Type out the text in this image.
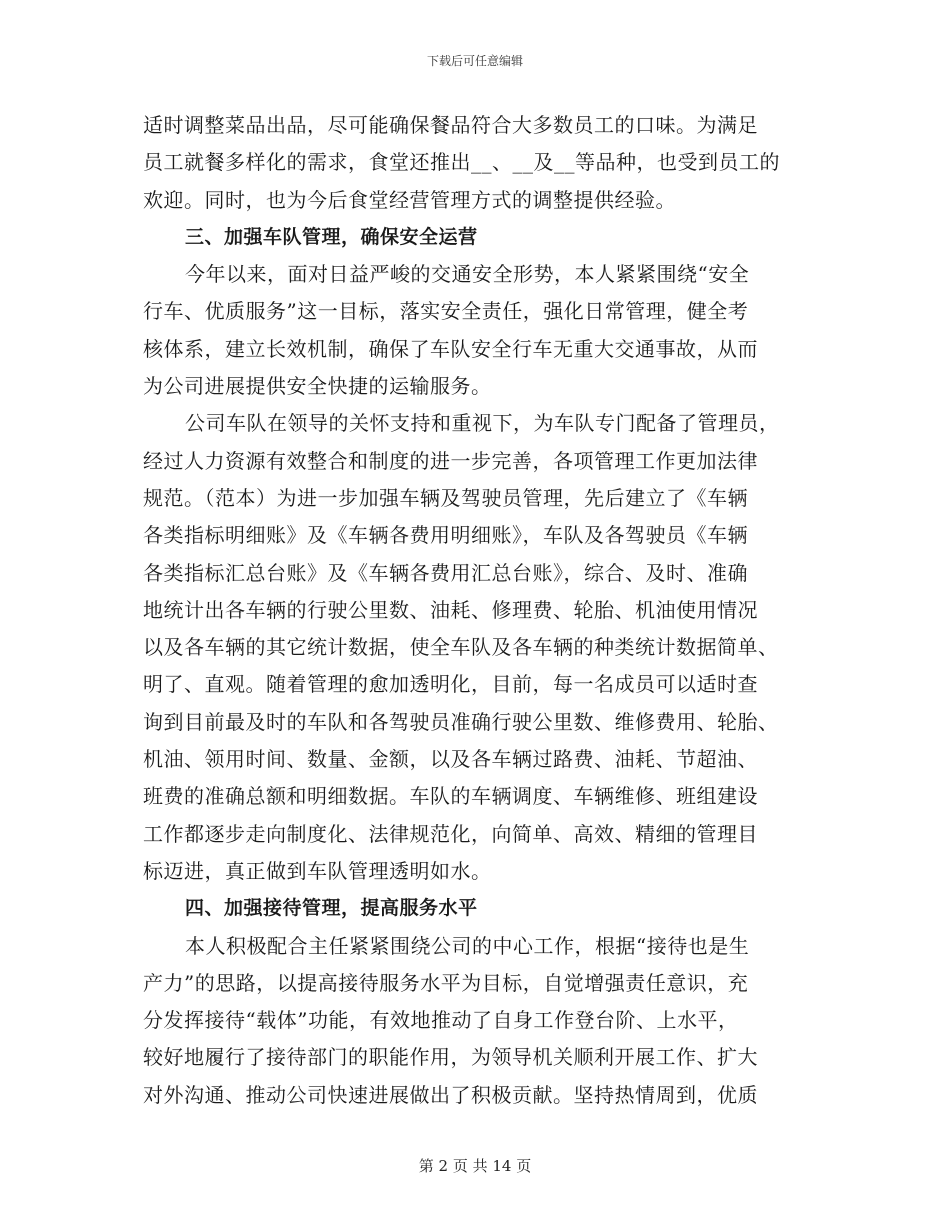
下载后可任意编辑
适时调整菜品出品，尽可能确保餐品符合大多数员工的口味。为满足
员工就餐多样化的需求，食堂还推出__、__及__等品种，也受到员工的
欢迎。同时，也为今后食堂经营管理方式的调整提供经验。
三、加强车队管理，确保安全运营
今年以来，面对日益严峻的交通安全形势，本人紧紧围绕“安全
行车、优质服务”这一目标，落实安全责任，强化日常管理，健全考
核体系，建立长效机制，确保了车队安全行车无重大交通事故，从而
为公司进展提供安全快捷的运输服务。
公司车队在领导的关怀支持和重视下，为车队专门配备了管理员，
经过人力资源有效整合和制度的进一步完善，各项管理工作更加法律
规范。（范本）为进一步加强车辆及驾驶员管理，先后建立了《车辆
各类指标明细账》及《车辆各费用明细账》，车队及各驾驶员《车辆
各类指标汇总台账》及《车辆各费用汇总台账》，综合、及时、准确
地统计出各车辆的行驶公里数、油耗、修理费、轮胎、机油使用情况
以及各车辆的其它统计数据，使全车队及各车辆的种类统计数据简单、
明了、直观。随着管理的愈加透明化，目前，每一名成员可以适时查
询到目前最及时的车队和各驾驶员准确行驶公里数、维修费用、轮胎、
机油、领用时间、数量、金额，以及各车辆过路费、油耗、节超油、
班费的准确总额和明细数据。车队的车辆调度、车辆维修、班组建设
工作都逐步走向制度化、法律规范化，向简单、高效、精细的管理目
标迈进，真正做到车队管理透明如水。
四、加强接待管理，提高服务水平
本人积极配合主任紧紧围绕公司的中心工作，根据“接待也是生
产力”的思路，以提高接待服务水平为目标，自觉增强责任意识，充
分发挥接待“载体”功能，有效地推动了自身工作登台阶、上水平，
较好地履行了接待部门的职能作用，为领导机关顺利开展工作、扩大
对外沟通、推动公司快速进展做出了积极贡献。坚持热情周到，优质
第 2 页 共 14 页
